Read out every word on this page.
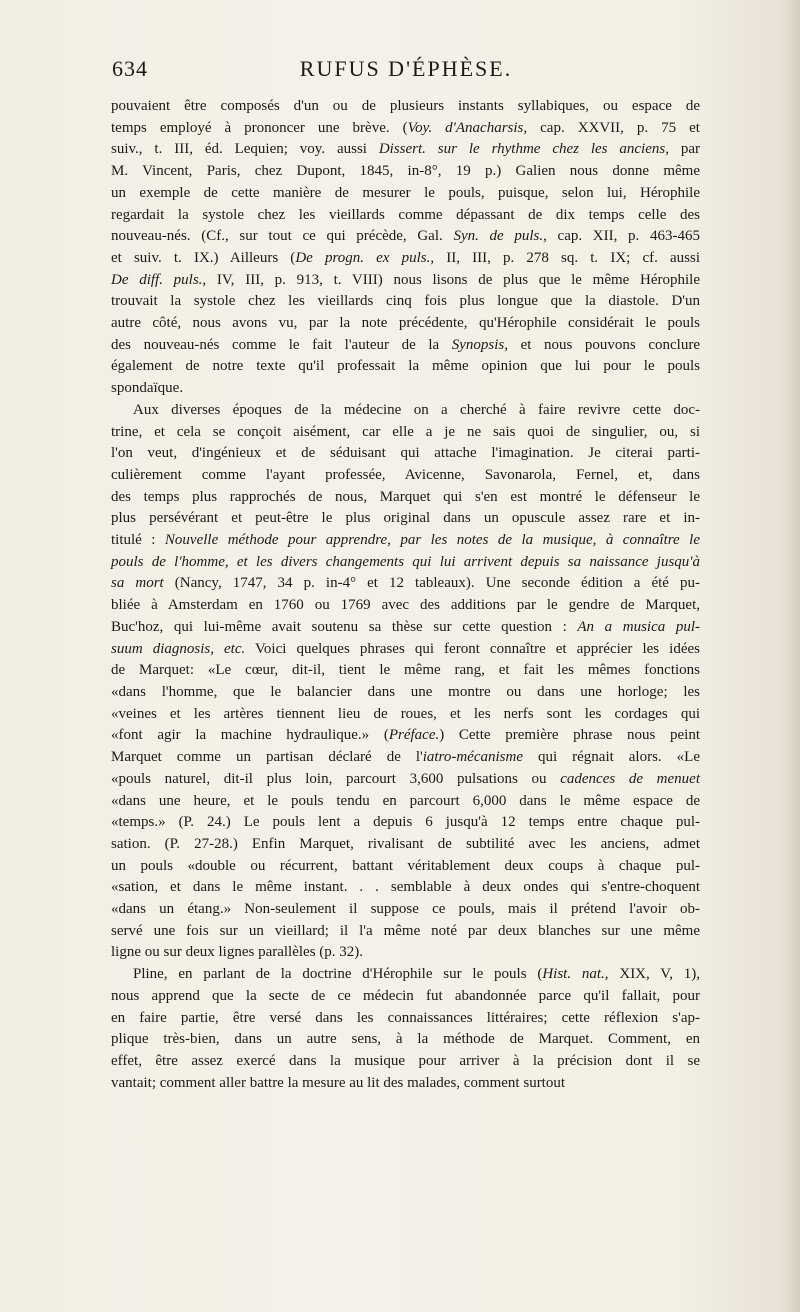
634	RUFUS D'ÉPHÈSE.

pouvaient être composés d'un ou de plusieurs instants syllabiques, ou espace de

temps employé à prononcer une brève. (Voy. d'Anacharsis, cap. XXVII, p. 75 et

suiv., t. III, éd. Lequien; voy. aussi Dissert. sur le rhythme chez les anciens, par

M. Vincent, Paris, chez Dupont, 1845, in-8°, 19 p.) Galien nous donne même

un exemple de cette manière de mesurer le pouls, puisque, selon lui, Hérophile

regardait la systole chez les vieillards comme dépassant de dix temps celle des

nouveau-nés. (Cf., sur tout ce qui précède, Gal. Syn. de puls., cap. XII, p. 463-465

et suiv. t. IX.) Ailleurs (De progn. ex puls., II, III, p. 278 sq. t. IX; cf. aussi

De diff. puls., IV, III, p. 913, t. VIII) nous lisons de plus que le même Hérophile

trouvait la systole chez les vieillards cinq fois plus longue que la diastole. D'un

autre côté, nous avons vu, par la note précédente, qu'Hérophile considérait le pouls

des nouveau-nés comme le fait l'auteur de la Synopsis, et nous pouvons conclure

également de notre texte qu'il professait la même opinion que lui pour le pouls

spondaïque.

Aux diverses époques de la médecine on a cherché à faire revivre cette doc-

trine, et cela se conçoit aisément, car elle a je ne sais quoi de singulier, ou, si

l'on veut, d'ingénieux et de séduisant qui attache l'imagination. Je citerai parti-

culièrement comme l'ayant professée, Avicenne, Savonarola, Fernel, et, dans

des temps plus rapprochés de nous, Marquet qui s'en est montré le défenseur le

plus persévérant et peut-être le plus original dans un opuscule assez rare et in-

titulé : Nouvelle méthode pour apprendre, par les notes de la musique, à connaître le

pouls de l'homme, et les divers changements qui lui arrivent depuis sa naissance jusqu'à

sa mort (Nancy, 1747, 34 p. in-4° et 12 tableaux). Une seconde édition a été pu-

bliée à Amsterdam en 1760 ou 1769 avec des additions par le gendre de Marquet,

Buc'hoz, qui lui-même avait soutenu sa thèse sur cette question : An a musica pul-

suum diagnosis, etc. Voici quelques phrases qui feront connaître et apprécier les idées

de Marquet: «Le cœur, dit-il, tient le même rang, et fait les mêmes fonctions

«dans l'homme, que le balancier dans une montre ou dans une horloge; les

«veines et les artères tiennent lieu de roues, et les nerfs sont les cordages qui

«font agir la machine hydraulique.» (Préface.) Cette première phrase nous peint

Marquet comme un partisan déclaré de l'iatro-mécanisme qui régnait alors. «Le

«pouls naturel, dit-il plus loin, parcourt 3,600 pulsations ou cadences de menuet

«dans une heure, et le pouls tendu en parcourt 6,000 dans le même espace de

«temps.» (P. 24.) Le pouls lent a depuis 6 jusqu'à 12 temps entre chaque pul-

sation. (P. 27-28.) Enfin Marquet, rivalisant de subtilité avec les anciens, admet

un pouls «double ou récurrent, battant véritablement deux coups à chaque pul-

«sation, et dans le même instant. . . semblable à deux ondes qui s'entre-choquent

«dans un étang.» Non-seulement il suppose ce pouls, mais il prétend l'avoir ob-

servé une fois sur un vieillard; il l'a même noté par deux blanches sur une même

ligne ou sur deux lignes parallèles (p. 32).

Pline, en parlant de la doctrine d'Hérophile sur le pouls (Hist. nat., XIX, V, 1),

nous apprend que la secte de ce médecin fut abandonnée parce qu'il fallait, pour

en faire partie, être versé dans les connaissances littéraires; cette réflexion s'ap-

plique très-bien, dans un autre sens, à la méthode de Marquet. Comment, en

effet, être assez exercé dans la musique pour arriver à la précision dont il se

vantait; comment aller battre la mesure au lit des malades, comment surtout
